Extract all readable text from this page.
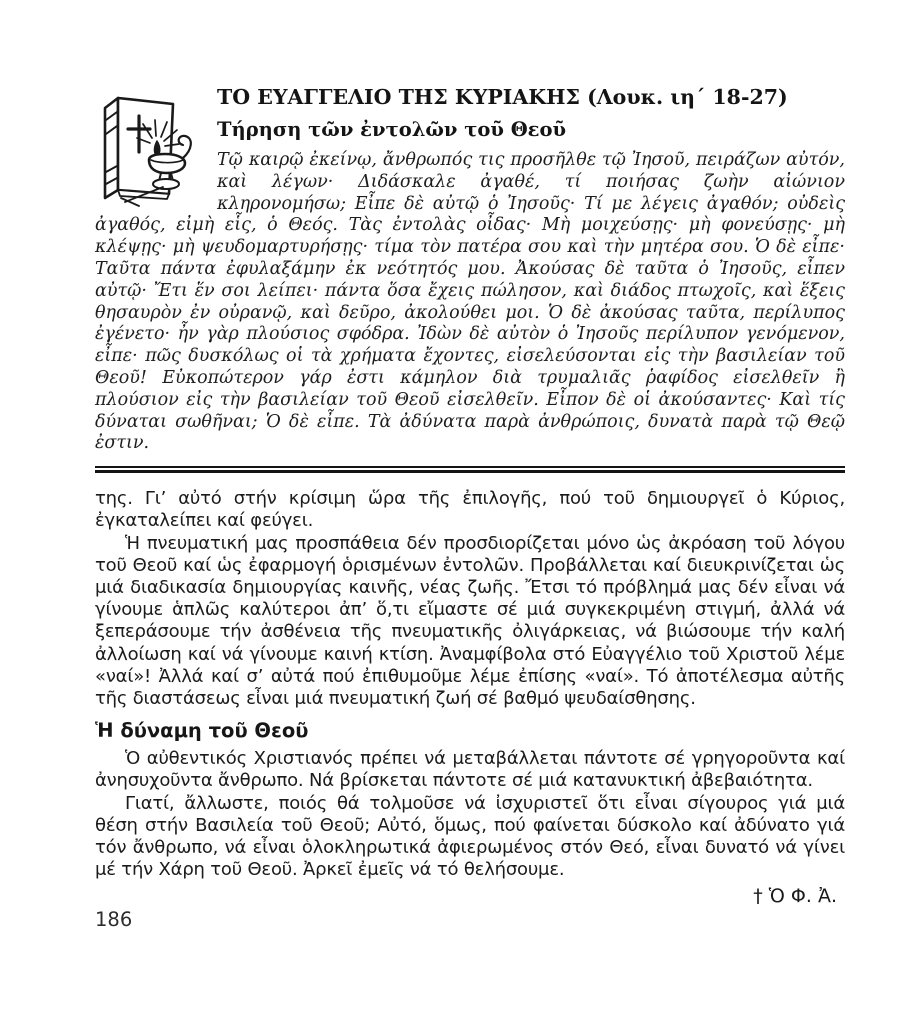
ΤΟ ΕΥΑΓΓΕΛΙΟ ΤΗΣ ΚΥΡΙΑΚΗΣ (Λουκ. ιη΄ 18-27)
Τήρηση τῶν ἐντολῶν τοῦ Θεοῦ

Τῷ καιρῷ ἐκείνῳ, ἄνθρωπός τις προσῆλθε τῷ Ἰησοῦ, πειράζων αὐτόν, καὶ λέγων· Διδάσκαλε ἀγαθέ, τί ποιήσας ζωὴν αἰώνιον κληρονομήσω; Εἶπε δὲ αὐτῷ ὁ Ἰησοῦς· Τί με λέγεις ἀγαθόν; οὐδεὶς ἀγαθός, εἰμὴ εἷς, ὁ Θεός. Τὰς ἐντολὰς οἶδας· Μὴ μοιχεύσῃς· μὴ φονεύσῃς· μὴ κλέψῃς· μὴ ψευδομαρτυρήσῃς· τίμα τὸν πατέρα σου καὶ τὴν μητέρα σου. Ὁ δὲ εἶπε· Ταῦτα πάντα ἐφυλαξάμην ἐκ νεότητός μου. Ἀκούσας δὲ ταῦτα ὁ Ἰησοῦς, εἶπεν αὐτῷ· Ἔτι ἕν σοι λείπει· πάντα ὅσα ἔχεις πώλησον, καὶ διάδος πτωχοῖς, καὶ ἕξεις θησαυρὸν ἐν οὐρανῷ, καὶ δεῦρο, ἀκολούθει μοι. Ὁ δὲ ἀκούσας ταῦτα, περίλυπος ἐγένετο· ἦν γὰρ πλούσιος σφόδρα. Ἰδὼν δὲ αὐτὸν ὁ Ἰησοῦς περίλυπον γενόμενον, εἶπε· πῶς δυσκόλως οἱ τὰ χρήματα ἔχοντες, εἰσελεύσονται εἰς τὴν βασιλείαν τοῦ Θεοῦ! Εὐκοπώτερον γάρ ἐστι κάμηλον διὰ τρυμαλιᾶς ῥαφίδος εἰσελθεῖν ἢ πλούσιον εἰς τὴν βασιλείαν τοῦ Θεοῦ εἰσελθεῖν. Εἶπον δὲ οἱ ἀκούσαντες· Καὶ τίς δύναται σωθῆναι; Ὁ δὲ εἶπε. Τὰ ἀδύνατα παρὰ ἀνθρώποις, δυνατὰ παρὰ τῷ Θεῷ ἐστιν.

της. Γι’ αὐτό στήν κρίσιμη ὥρα τῆς ἐπιλογῆς, πού τοῦ δημιουργεῖ ὁ Κύριος, ἐγκαταλείπει καί φεύγει.

Ἡ πνευματική μας προσπάθεια δέν προσδιορίζεται μόνο ὡς ἀκρόαση τοῦ λόγου τοῦ Θεοῦ καί ὡς ἐφαρμογή ὁρισμένων ἐντολῶν. Προβάλλεται καί διευκρινίζεται ὡς μιά διαδικασία δημιουργίας καινῆς, νέας ζωῆς. Ἔτσι τό πρόβλημά μας δέν εἶναι νά γίνουμε ἁπλῶς καλύτεροι ἀπ’ ὅ,τι εἴμαστε σέ μιά συγκεκριμένη στιγμή, ἀλλά νά ξεπεράσουμε τήν ἀσθένεια τῆς πνευματικῆς ὀλιγάρκειας, νά βιώσουμε τήν καλή ἀλλοίωση καί νά γίνουμε καινή κτίση. Ἀναμφίβολα στό Εὐαγγέλιο τοῦ Χριστοῦ λέμε «ναί»! Ἀλλά καί σ’ αὐτά πού ἐπιθυμοῦμε λέμε ἐπίσης «ναί». Τό ἀποτέλεσμα αὐτῆς τῆς διαστάσεως εἶναι μιά πνευματική ζωή σέ βαθμό ψευδαίσθησης.

Ἡ δύναμη τοῦ Θεοῦ

Ὁ αὐθεντικός Χριστιανός πρέπει νά μεταβάλλεται πάντοτε σέ γρηγοροῦντα καί ἀνησυχοῦντα ἄνθρωπο. Νά βρίσκεται πάντοτε σέ μιά κατανυκτική ἀβεβαιότητα.

Γιατί, ἄλλωστε, ποιός θά τολμοῦσε νά ἰσχυριστεῖ ὅτι εἶναι σίγουρος γιά μιά θέση στήν Βασιλεία τοῦ Θεοῦ; Αὐτό, ὅμως, πού φαίνεται δύσκολο καί ἀδύνατο γιά τόν ἄνθρωπο, νά εἶναι ὁλοκληρωτικά ἀφιερωμένος στόν Θεό, εἶναι δυνατό νά γίνει μέ τήν Χάρη τοῦ Θεοῦ. Ἀρκεῖ ἐμεῖς νά τό θελήσουμε.

† Ὁ Φ. Ἀ.
186
